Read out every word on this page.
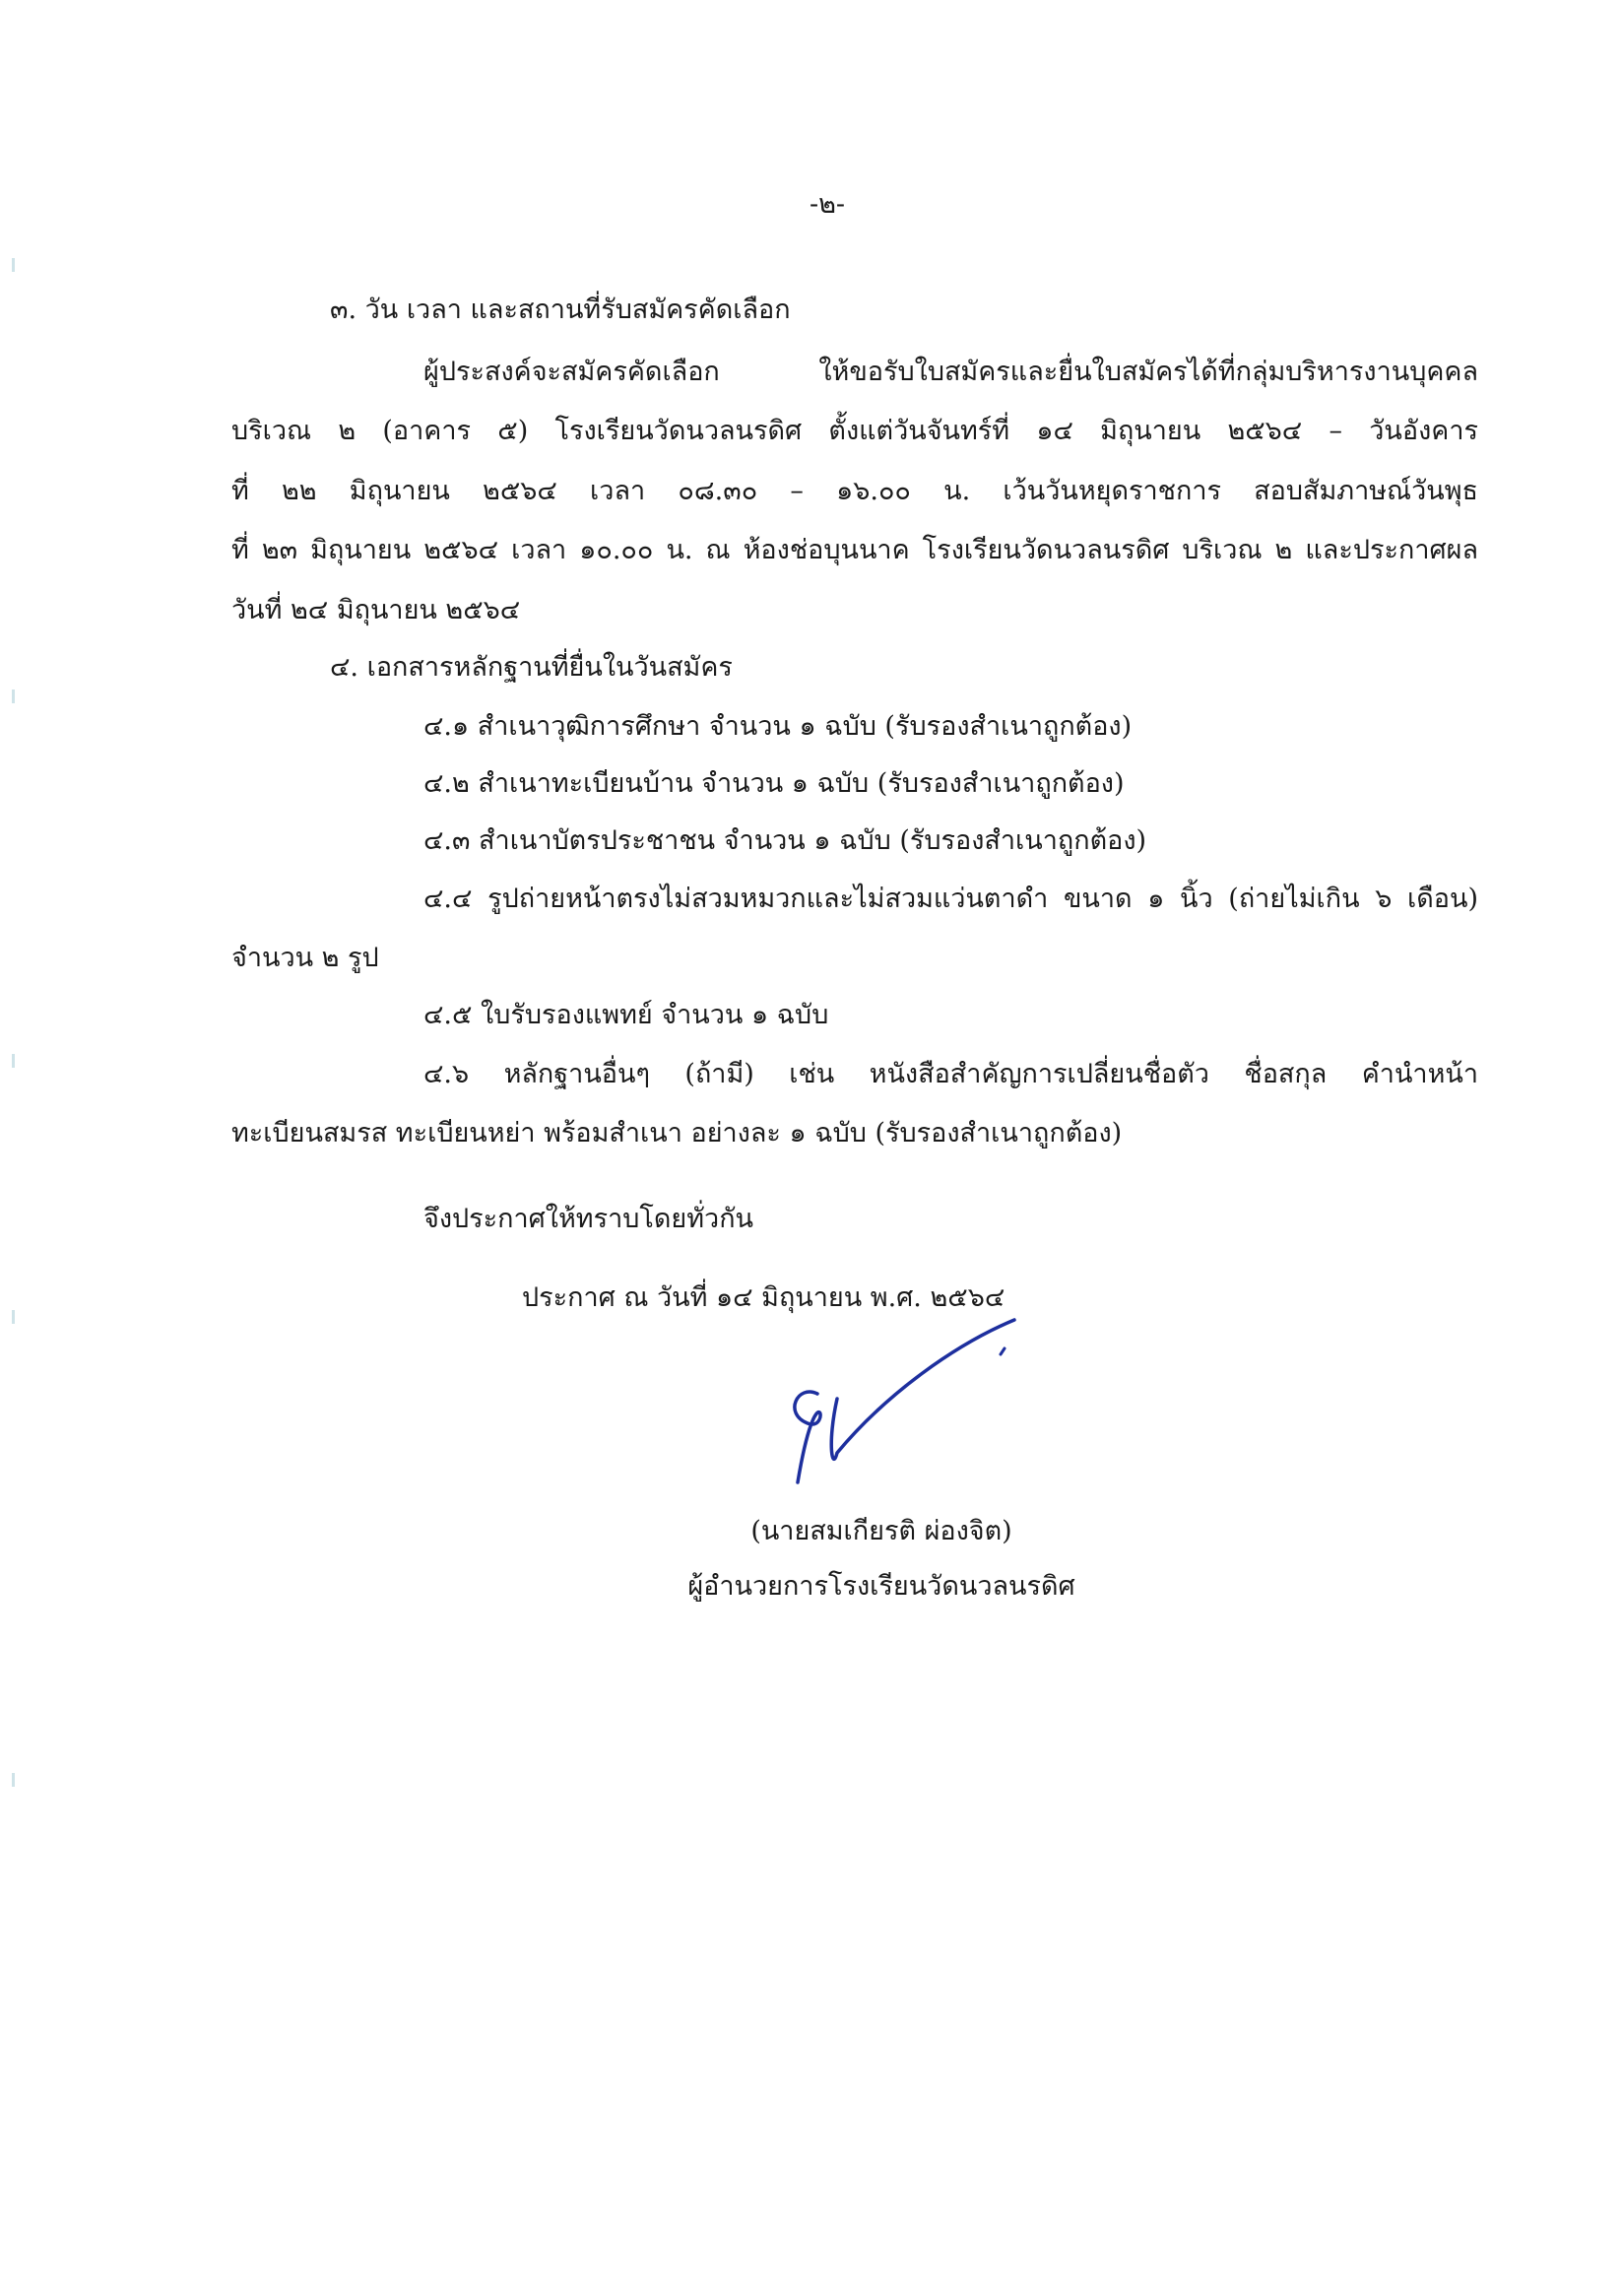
-๒-
๓. วัน เวลา และสถานที่รับสมัครคัดเลือก
ผู้ประสงค์จะสมัครคัดเลือก ให้ขอรับใบสมัครและยื่นใบสมัครได้ที่กลุ่มบริหารงานบุคคล
บริเวณ ๒ (อาคาร ๕) โรงเรียนวัดนวลนรดิศ ตั้งแต่วันจันทร์ที่ ๑๔ มิถุนายน ๒๕๖๔ – วันอังคาร
ที่ ๒๒ มิถุนายน ๒๕๖๔ เวลา ๐๘.๓๐ – ๑๖.๐๐ น. เว้นวันหยุดราชการ สอบสัมภาษณ์วันพุธ
ที่ ๒๓ มิถุนายน ๒๕๖๔ เวลา ๑๐.๐๐ น. ณ ห้องช่อบุนนาค โรงเรียนวัดนวลนรดิศ บริเวณ ๒ และประกาศผล
วันที่ ๒๔ มิถุนายน ๒๕๖๔
๔. เอกสารหลักฐานที่ยื่นในวันสมัคร
๔.๑ สำเนาวุฒิการศึกษา จำนวน ๑ ฉบับ (รับรองสำเนาถูกต้อง)
๔.๒ สำเนาทะเบียนบ้าน จำนวน ๑ ฉบับ (รับรองสำเนาถูกต้อง)
๔.๓ สำเนาบัตรประชาชน จำนวน ๑ ฉบับ (รับรองสำเนาถูกต้อง)
๔.๔ รูปถ่ายหน้าตรงไม่สวมหมวกและไม่สวมแว่นตาดำ ขนาด ๑ นิ้ว (ถ่ายไม่เกิน ๖ เดือน)
จำนวน ๒ รูป
๔.๕ ใบรับรองแพทย์ จำนวน ๑ ฉบับ
๔.๖ หลักฐานอื่นๆ (ถ้ามี) เช่น หนังสือสำคัญการเปลี่ยนชื่อตัว ชื่อสกุล คำนำหน้า
ทะเบียนสมรส ทะเบียนหย่า พร้อมสำเนา อย่างละ ๑ ฉบับ (รับรองสำเนาถูกต้อง)
จึงประกาศให้ทราบโดยทั่วกัน
ประกาศ ณ วันที่ ๑๔ มิถุนายน พ.ศ. ๒๕๖๔
(นายสมเกียรติ ผ่องจิต)
ผู้อำนวยการโรงเรียนวัดนวลนรดิศ
